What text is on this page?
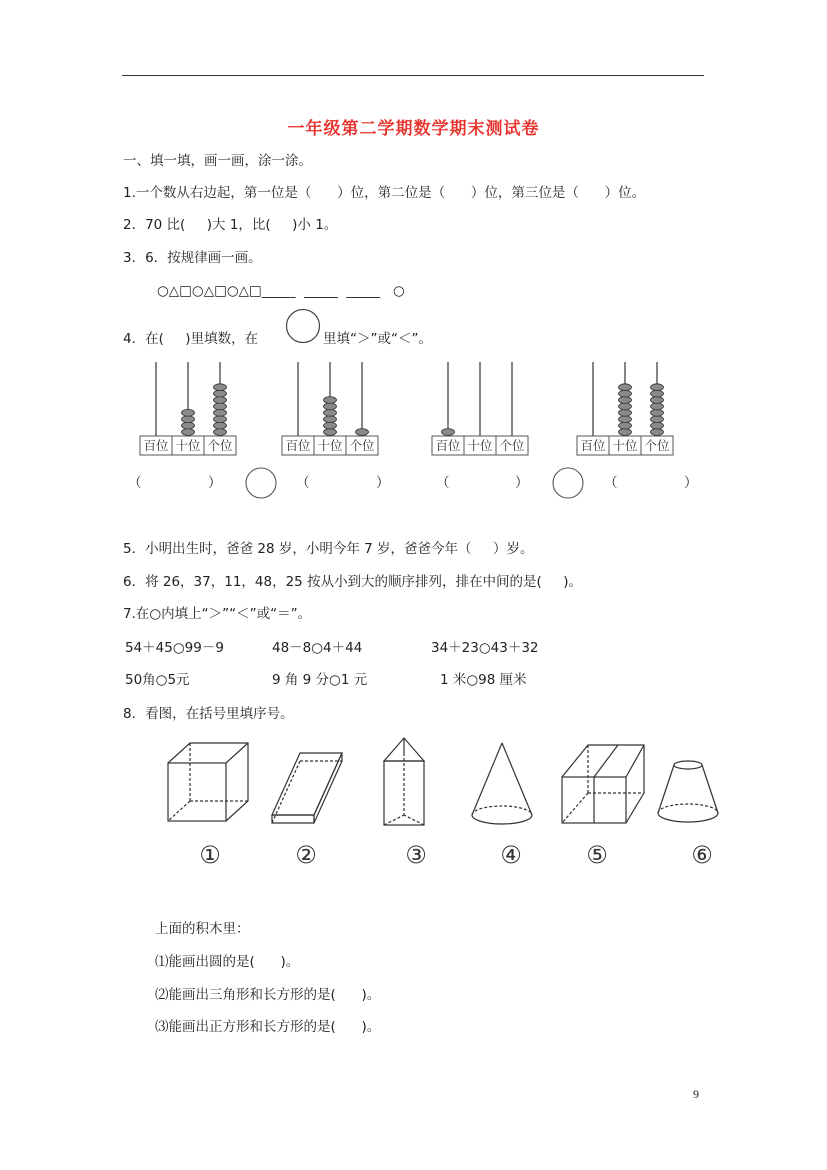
一年级第二学期数学期末测试卷
一、填一填，画一画，涂一涂。
1.一个数从右边起，第一位是（      ）位，第二位是（      ）位，第三位是（      ）位。
2．70 比(     )大 1，比(     )小 1。
3．6．按规律画一画。
○△□○△□○△□_____  _____  _____   ○
4．在(     )里填数，在	里填“＞”或“＜”。
百位 十位 个位	百位 十位 个位	百位 十位 个位	百位 十位 个位
（	）	（	）	（	）	（	）
5．小明出生时，爸爸 28 岁，小明今年 7 岁，爸爸今年（     ）岁。
6．将 26，37，11，48，25 按从小到大的顺序排列，排在中间的是(     )。
7.在○内填上“＞”“＜”或“＝”。
54＋45○99－9	48－8○4＋44	34＋23○43＋32
50角○5元	9 角 9 分○1 元	1 米○98 厘米
8．看图，在括号里填序号。
①	②	③	④	⑤	⑥
上面的积木里：
⑴能画出圆的是(      )。
⑵能画出三角形和长方形的是(      )。
⑶能画出正方形和长方形的是(      )。
9
